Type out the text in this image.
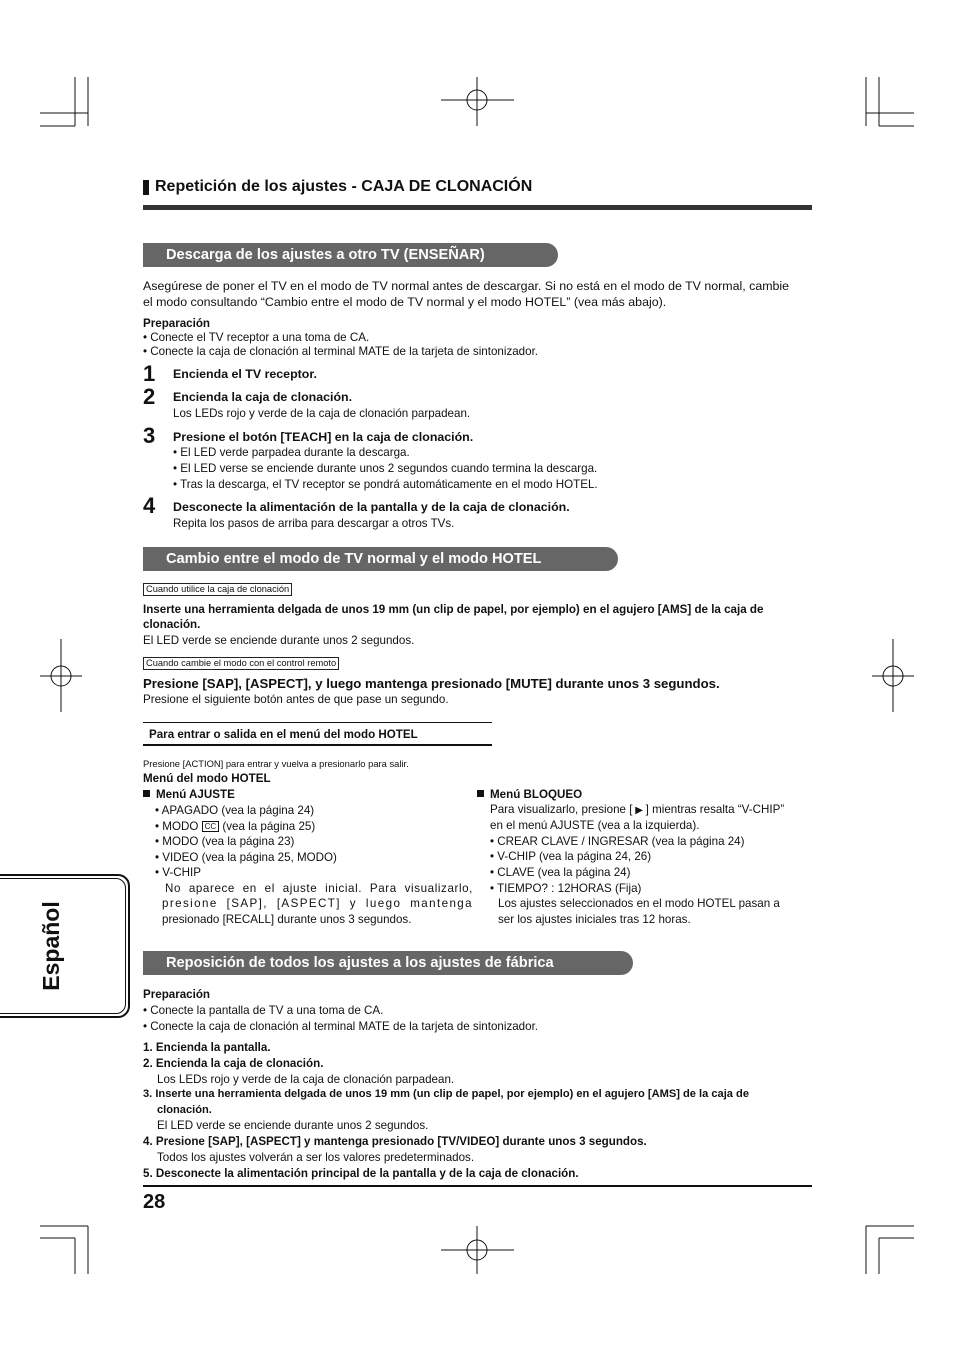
Repetición de los ajustes - CAJA DE CLONACIÓN
Descarga de los ajustes a otro TV (ENSEÑAR)
Asegúrese de poner el TV en el modo de TV normal antes de descargar. Si no está en el modo de TV normal, cambie
el modo consultando “Cambio entre el modo de TV normal y el modo HOTEL” (vea más abajo).
Preparación
• Conecte el TV receptor a una toma de CA.
• Conecte la caja de clonación al terminal MATE de la tarjeta de sintonizador.
1 Encienda el TV receptor.
2 Encienda la caja de clonación.
Los LEDs rojo y verde de la caja de clonación parpadean.
3 Presione el botón [TEACH] en la caja de clonación.
• El LED verde parpadea durante la descarga.
• El LED verse se enciende durante unos 2 segundos cuando termina la descarga.
• Tras la descarga, el TV receptor se pondrá automáticamente en el modo HOTEL.
4 Desconecte la alimentación de la pantalla y de la caja de clonación.
Repita los pasos de arriba para descargar a otros TVs.
Cambio entre el modo de TV normal y el modo HOTEL
Cuando utilice la caja de clonación
Inserte una herramienta delgada de unos 19 mm (un clip de papel, por ejemplo) en el agujero [AMS] de la caja de
clonación.
El LED verde se enciende durante unos 2 segundos.
Cuando cambie el modo con el control remoto
Presione [SAP], [ASPECT], y luego mantenga presionado [MUTE] durante unos 3 segundos.
Presione el siguiente botón antes de que pase un segundo.
Para entrar o salida en el menú del modo HOTEL
Presione [ACTION] para entrar y vuelva a presionarlo para salir.
Menú del modo HOTEL
Menú AJUSTE
• APAGADO (vea la página 24)
• MODO CC (vea la página 25)
• MODO (vea la página 23)
• VIDEO (vea la página 25, MODO)
• V-CHIP
No aparece en el ajuste inicial. Para visualizarlo,
presione [SAP], [ASPECT] y luego mantenga
presionado [RECALL] durante unos 3 segundos.
Menú BLOQUEO
Para visualizarlo, presione [ ▶ ] mientras resalta “V-CHIP”
en el menú AJUSTE (vea a la izquierda).
• CREAR CLAVE / INGRESAR (vea la página 24)
• V-CHIP (vea la página 24, 26)
• CLAVE (vea la página 24)
• TIEMPO? : 12HORAS (Fija)
Los ajustes seleccionados en el modo HOTEL pasan a
ser los ajustes iniciales tras 12 horas.
Reposición de todos los ajustes a los ajustes de fábrica
Preparación
• Conecte la pantalla de TV a una toma de CA.
• Conecte la caja de clonación al terminal MATE de la tarjeta de sintonizador.
1. Encienda la pantalla.
2. Encienda la caja de clonación.
Los LEDs rojo y verde de la caja de clonación parpadean.
3. Inserte una herramienta delgada de unos 19 mm (un clip de papel, por ejemplo) en el agujero [AMS] de la caja de
clonación.
El LED verde se enciende durante unos 2 segundos.
4. Presione [SAP], [ASPECT] y mantenga presionado [TV/VIDEO] durante unos 3 segundos.
Todos los ajustes volverán a ser los valores predeterminados.
5. Desconecte la alimentación principal de la pantalla y de la caja de clonación.
28
Español
